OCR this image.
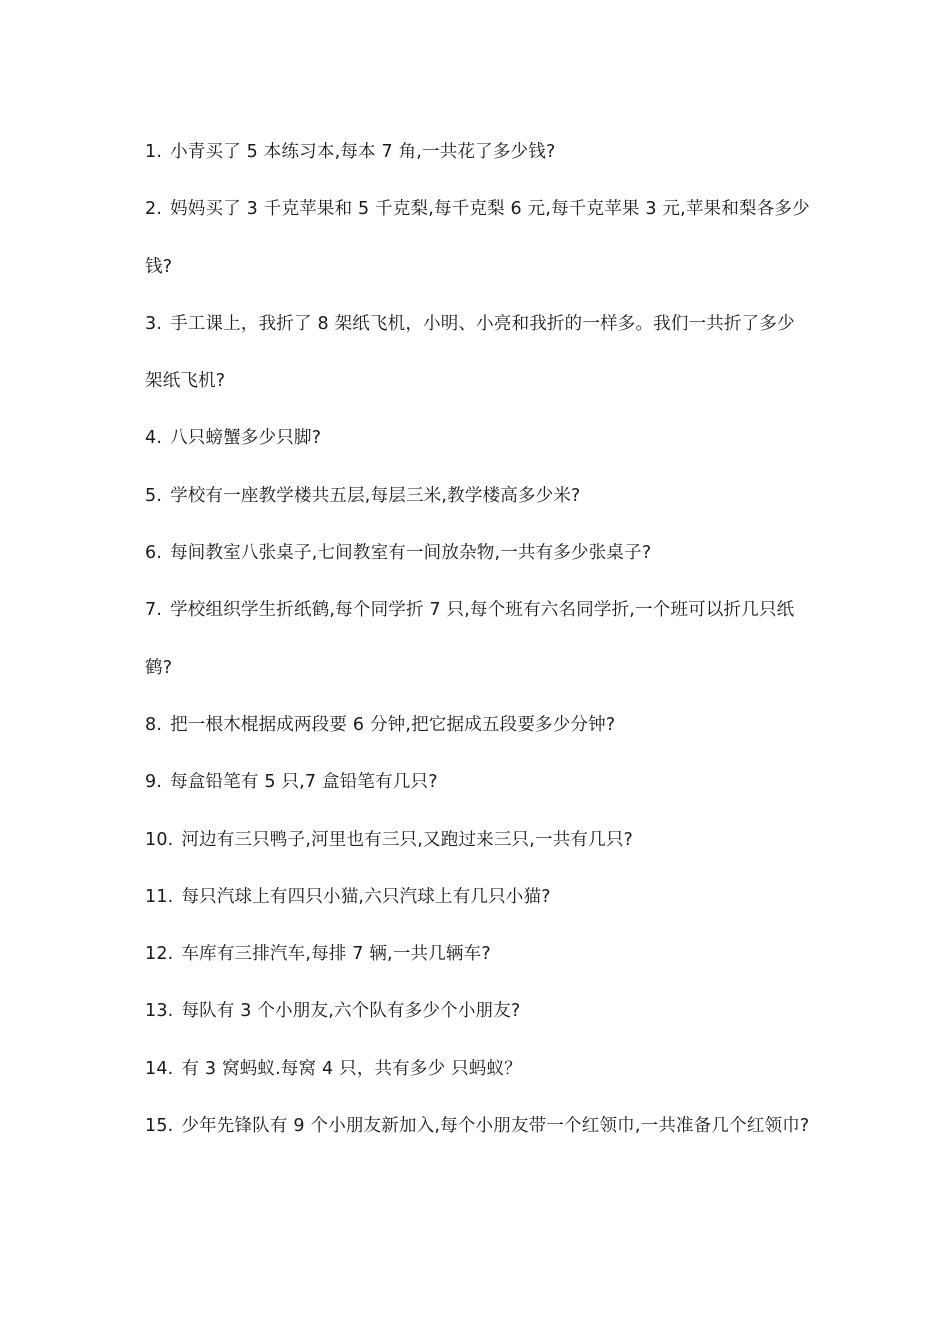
1. 小青买了 5 本练习本,每本 7 角,一共花了多少钱?
2. 妈妈买了 3 千克苹果和 5 千克梨,每千克梨 6 元,每千克苹果 3 元,苹果和梨各多少钱?
3. 手工课上，我折了 8 架纸飞机，小明、小亮和我折的一样多。我们一共折了多少架纸飞机?
4. 八只螃蟹多少只脚?
5. 学校有一座教学楼共五层,每层三米,教学楼高多少米?
6. 每间教室八张桌子,七间教室有一间放杂物,一共有多少张桌子?
7. 学校组织学生折纸鹤,每个同学折 7 只,每个班有六名同学折,一个班可以折几只纸鹤?
8. 把一根木棍据成两段要 6 分钟,把它据成五段要多少分钟?
9. 每盒铅笔有 5 只,7 盒铅笔有几只?
10. 河边有三只鸭子,河里也有三只,又跑过来三只,一共有几只?
11. 每只汽球上有四只小猫,六只汽球上有几只小猫?
12. 车库有三排汽车,每排 7 辆,一共几辆车?
13. 每队有 3 个小朋友,六个队有多少个小朋友?
14. 有 3 窝蚂蚁.每窝 4 只，共有多少 只蚂蚁？
15. 少年先锋队有 9 个小朋友新加入,每个小朋友带一个红领巾,一共准备几个红领巾?
